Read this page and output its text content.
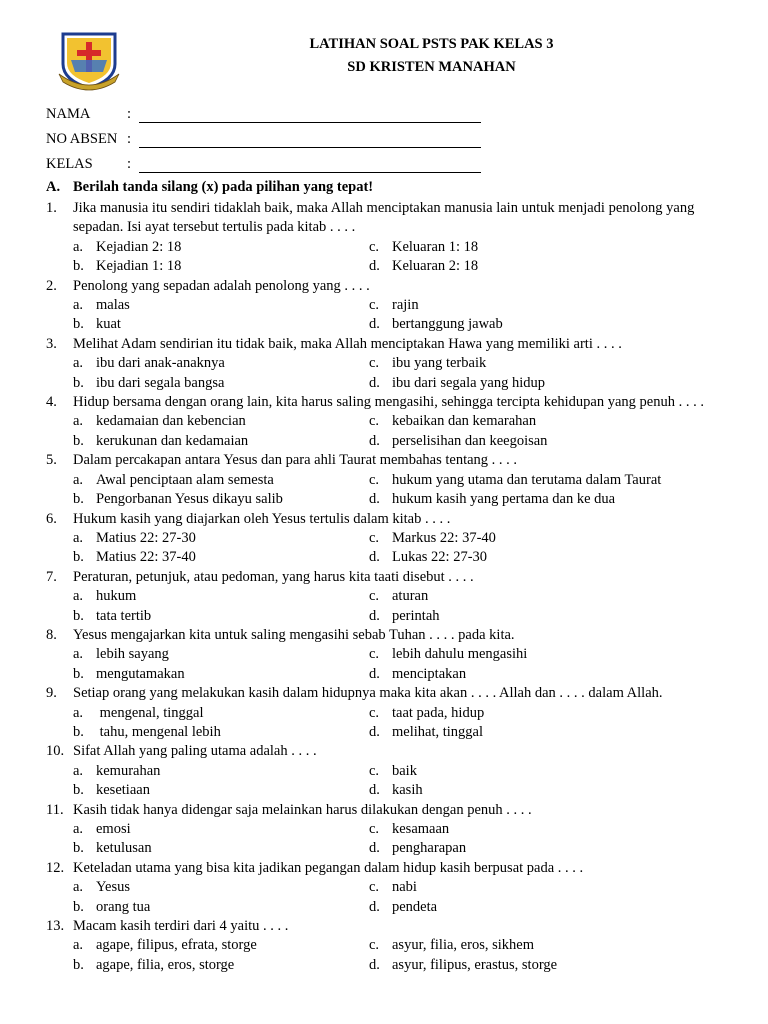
LATIHAN SOAL PSTS PAK KELAS 3
SD KRISTEN MANAHAN
NAMA	:
NO ABSEN :
KELAS :
A. Berilah tanda silang (x) pada pilihan yang tepat!
1.	Jika manusia itu sendiri tidaklah baik, maka Allah menciptakan manusia lain untuk menjadi penolong yang sepadan. Isi ayat tersebut tertulis pada kitab . . . .
a. Kejadian 2: 18	c. Keluaran 1: 18
b. Kejadian 1: 18	d. Keluaran 2: 18
2.	Penolong yang sepadan adalah penolong yang . . . .
a. malas	c. rajin
b. kuat	d. bertanggung jawab
3.	Melihat Adam sendirian itu tidak baik, maka Allah menciptakan Hawa yang memiliki arti . . . .
a. ibu dari anak-anaknya	c. ibu yang terbaik
b. ibu dari segala bangsa	d. ibu dari segala yang hidup
4.	Hidup bersama dengan orang lain, kita harus saling mengasihi, sehingga tercipta kehidupan yang penuh . . . .
a. kedamaian dan kebencian	c. kebaikan dan kemarahan
b. kerukunan dan kedamaian	d. perselisihan dan keegoisan
5.	Dalam percakapan antara Yesus dan para ahli Taurat membahas tentang . . . .
a. Awal penciptaan alam semesta	c. hukum yang utama dan terutama dalam Taurat
b. Pengorbanan Yesus dikayu salib	d. hukum kasih yang pertama dan ke dua
6.	Hukum kasih yang diajarkan oleh Yesus tertulis dalam kitab . . . .
a. Matius 22: 27-30	c. Markus 22: 37-40
b. Matius 22: 37-40	d. Lukas 22: 27-30
7.	Peraturan, petunjuk, atau pedoman, yang harus kita taati disebut . . . .
a. hukum	c. aturan
b. tata tertib	d. perintah
8.	Yesus mengajarkan kita untuk saling mengasihi sebab Tuhan . . . . pada kita.
a. lebih sayang	c. lebih dahulu mengasihi
b. mengutamakan	d. menciptakan
9.	Setiap orang yang melakukan kasih dalam hidupnya maka kita akan . . . . Allah dan . . . . dalam Allah.
a. mengenal, tinggal	c. taat pada, hidup
b. tahu, mengenal lebih	d. melihat, tinggal
10. Sifat Allah yang paling utama adalah . . . .
a. kemurahan	c. baik
b. kesetiaan	d. kasih
11. Kasih tidak hanya didengar saja melainkan harus dilakukan dengan penuh . . . .
a. emosi	c. kesamaan
b. ketulusan	d. pengharapan
12. Keteladan utama yang bisa kita jadikan pegangan dalam hidup kasih berpusat pada . . . .
a. Yesus	c. nabi
b. orang tua	d. pendeta
13. Macam kasih terdiri dari 4 yaitu . . . .
a. agape, filipus, efrata, storge	c. asyur, filia, eros, sikhem
b. agape, filia, eros, storge	d. asyur, filipus, erastus, storge
